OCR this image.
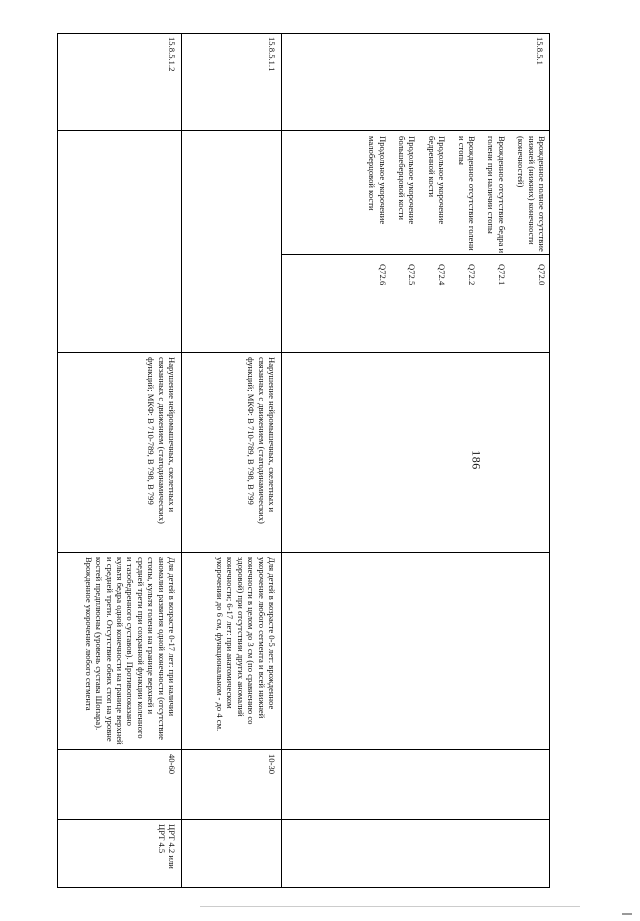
186
15.8.5.1
Врожденное полное отсутствие нижней (нижних) конечности (конечностей)
Q72.0
Врожденное отсутствие бедра и голени при наличии стопы
Q72.1
Врожденное отсутствие голени и стопы
Q72.2
Продольное укорочение бедренной кости
Q72.4
Продольное укорочение большеберцовой кости
Q72.5
Продольное укорочение малоберцовой кости
Q72.6
15.8.5.1.1
Нарушение нейромышечных, скелетных и связанных с движением (статодинамических) функций; МКФ: В 710-789, В 798, В 799
Для детей в возрасте 0-5 лет: врожденное укорочение любого сегмента и всей нижней конечности в целом до 3 см (по сравнению со здоровой) при отсутствии других аномалий конечности; 6-17 лет: при анатомическом укорочении до 6 см, функциональном - до 4 см.
10-30
15.8.5.1.2
Нарушение нейромышечных, скелетных и связанных с движением (статодинамических) функций; МКФ: В 710-789, В 798, В 799
Для детей в возрасте 0-17 лет: при наличии аномалии развития одной конечности (отсутствие стопы, культя голени на границе верхней и средней трети при сохранной функции коленного и тазобедренного суставов). Противопоказано культя бедра одной конечности на границе верхней и средней трети. Отсутствие обеих стоп на уровне костей предплюсны (уровень сустава Шопара). Врожденное укорочение любого сегмента
40-60
ЦРТ 4.2 или ЦРТ 4.5
